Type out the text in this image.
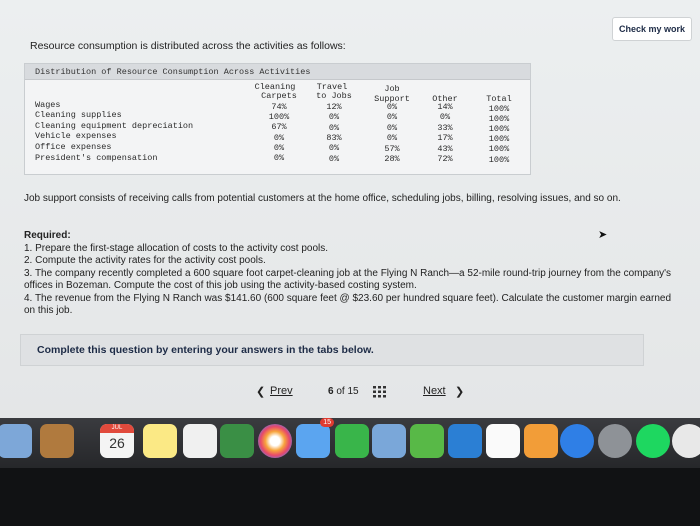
Check my work
Resource consumption is distributed across the activities as follows:
Distribution of Resource Consumption Across Activities
Cleaning	Travel	Job
Carpets	to Jobs	Support	Other	Total
Wages	74%	12%	0%	14%	100%
Cleaning supplies	100%	0%	0%	0%	100%
Cleaning equipment depreciation	67%	0%	0%	33%	100%
Vehicle expenses	0%	83%	0%	17%	100%
Office expenses	0%	0%	57%	43%	100%
President's compensation	0%	0%	28%	72%	100%
Job support consists of receiving calls from potential customers at the home office, scheduling jobs, billing, resolving issues, and so on.
Required:

1. Prepare the first-stage allocation of costs to the activity cost pools.

2. Compute the activity rates for the activity cost pools.

3. The company recently completed a 600 square foot carpet-cleaning job at the Flying N Ranch—a 52-mile round-trip journey from the company's offices in Bozeman. Compute the cost of this job using the activity-based costing system.

4. The revenue from the Flying N Ranch was $141.60 (600 square feet @ $23.60 per hundred square feet). Calculate the customer margin earned on this job.

➤
Complete this question by entering your answers in the tabs below.
❮ Prev	6 of 15	Next ❯
JUL
26
15
